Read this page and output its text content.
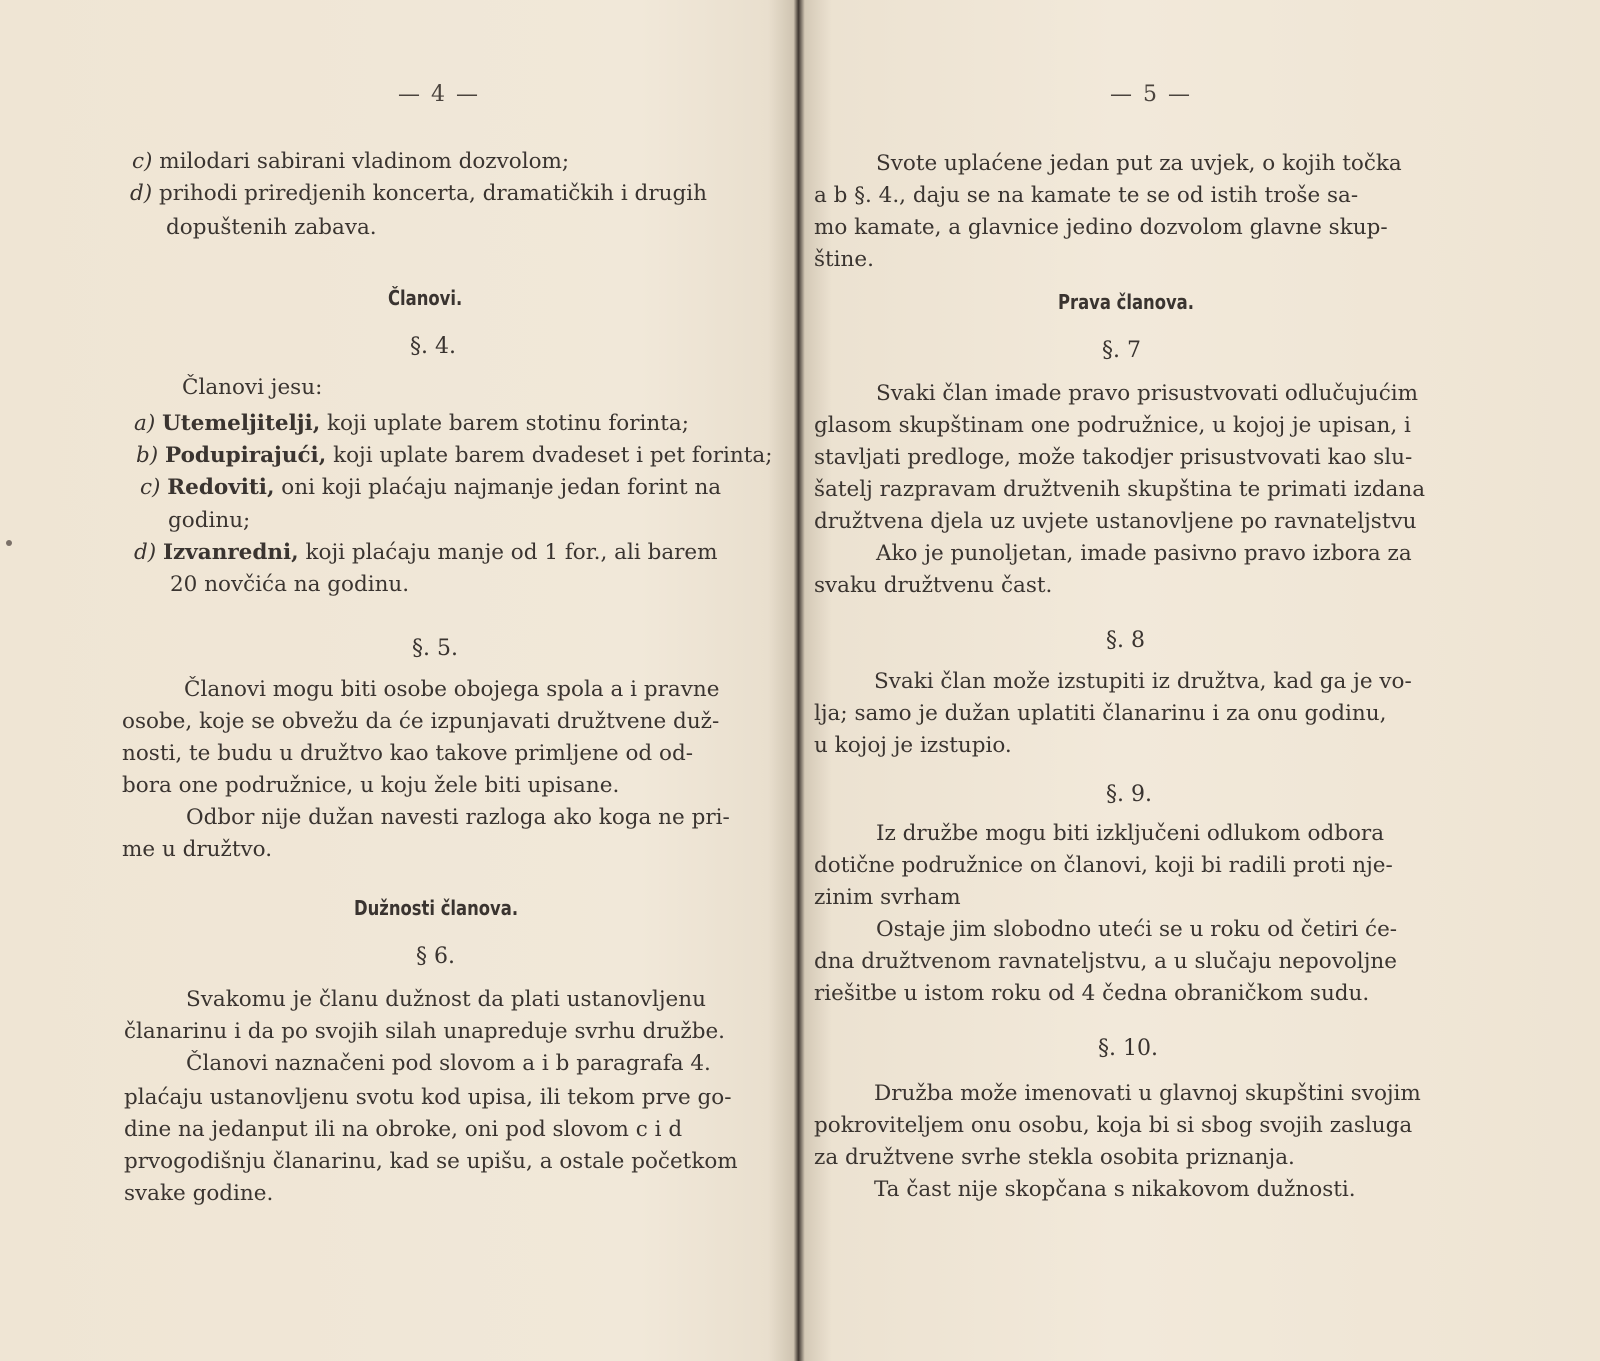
— 4 —
c) milodari sabirani vladinom dozvolom;
d) prihodi priredjenih koncerta, dramatičkih i drugih
dopuštenih zabava.
Članovi.
§. 4.
Članovi jesu:
a) Utemeljitelji, koji uplate barem stotinu forinta;
b) Podupirajući, koji uplate barem dvadeset i pet forinta;
c) Redoviti, oni koji plaćaju najmanje jedan forint na
godinu;
d) Izvanredni, koji plaćaju manje od 1 for., ali barem
20 novčića na godinu.
§. 5.
Članovi mogu biti osobe obojega spola a i pravne
osobe, koje se obvežu da će izpunjavati družtvene duž-
nosti, te budu u družtvo kao takove primljene od od-
bora one podružnice, u koju žele biti upisane.
Odbor nije dužan navesti razloga ako koga ne pri-
me u družtvo.
Dužnosti članova.
§ 6.
Svakomu je članu dužnost da plati ustanovljenu
članarinu i da po svojih silah unapreduje svrhu družbe.
Članovi naznačeni pod slovom a i b paragrafa 4.
plaćaju ustanovljenu svotu kod upisa, ili tekom prve go-
dine na jedanput ili na obroke, oni pod slovom c i d
prvogodišnju članarinu, kad se upišu, a ostale početkom
svake godine.
— 5 —
Svote uplaćene jedan put za uvjek, o kojih točka
a b §. 4., daju se na kamate te se od istih troše sa-
mo kamate, a glavnice jedino dozvolom glavne skup-
štine.
Prava članova.
§. 7
Svaki član imade pravo prisustvovati odlučujućim
glasom skupštinam one podružnice, u kojoj je upisan, i
stavljati predloge, može takodjer prisustvovati kao slu-
šatelj razpravam družtvenih skupština te primati izdana
družtvena djela uz uvjete ustanovljene po ravnateljstvu
Ako je punoljetan, imade pasivno pravo izbora za
svaku družtvenu čast.
§. 8
Svaki član može izstupiti iz družtva, kad ga je vo-
lja; samo je dužan uplatiti članarinu i za onu godinu,
u kojoj je izstupio.
§. 9.
Iz družbe mogu biti izključeni odlukom odbora
dotične podružnice on članovi, koji bi radili proti nje-
zinim svrham
Ostaje jim slobodno uteći se u roku od četiri će-
dna družtvenom ravnateljstvu, a u slučaju nepovoljne
riešitbe u istom roku od 4 čedna obraničkom sudu.
§. 10.
Družba može imenovati u glavnoj skupštini svojim
pokroviteljem onu osobu, koja bi si sbog svojih zasluga
za družtvene svrhe stekla osobita priznanja.
Ta čast nije skopčana s nikakovom dužnosti.
